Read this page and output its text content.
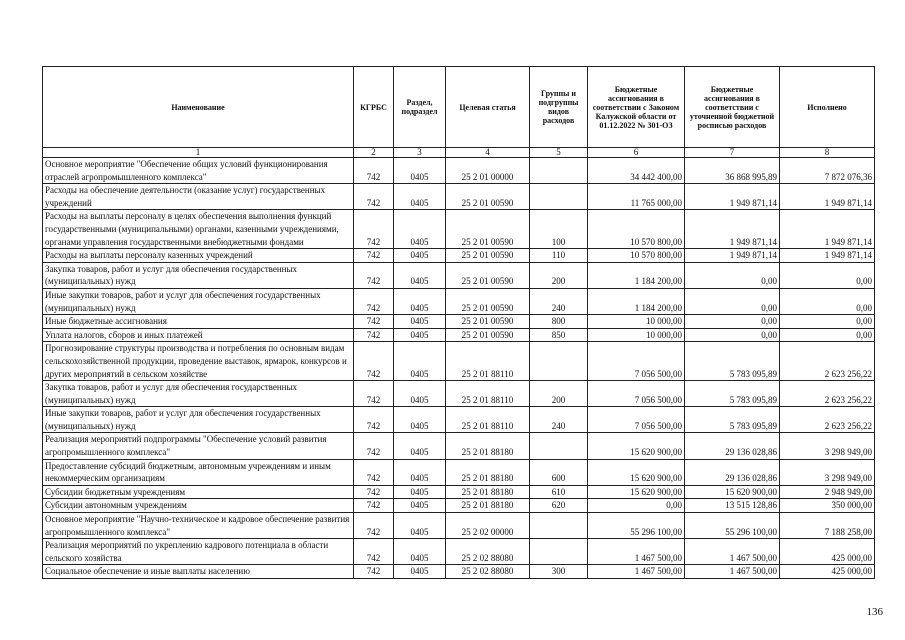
Наименование	КГРБС	Раздел, подраздел	Целевая статья	Группы и подгруппы видов расходов	Бюджетные ассигнования в соответствии с Законом Калужской области от 01.12.2022 № 301-ОЗ	Бюджетные ассигнования в соответствии с уточненной бюджетной росписью расходов	Исполнено
1	2	3	4	5	6	7	8
Основное мероприятие "Обеспечение общих условий функционирования отраслей агропромышленного комплекса"	742	0405	25 2 01 00000		34 442 400,00	36 868 995,89	7 872 076,36
Расходы на обеспечение деятельности (оказание услуг) государственных учреждений	742	0405	25 2 01 00590		11 765 000,00	1 949 871,14	1 949 871,14
Расходы на выплаты персоналу в целях обеспечения выполнения функций государственными (муниципальными) органами, казенными учреждениями, органами управления государственными внебюджетными фондами	742	0405	25 2 01 00590	100	10 570 800,00	1 949 871,14	1 949 871,14
Расходы на выплаты персоналу казенных учреждений	742	0405	25 2 01 00590	110	10 570 800,00	1 949 871,14	1 949 871,14
Закупка товаров, работ и услуг для обеспечения государственных (муниципальных) нужд	742	0405	25 2 01 00590	200	1 184 200,00	0,00	0,00
Иные закупки товаров, работ и услуг для обеспечения государственных (муниципальных) нужд	742	0405	25 2 01 00590	240	1 184 200,00	0,00	0,00
Иные бюджетные ассигнования	742	0405	25 2 01 00590	800	10 000,00	0,00	0,00
Уплата налогов, сборов и иных платежей	742	0405	25 2 01 00590	850	10 000,00	0,00	0,00
Прогнозирование структуры производства и потребления по основным видам сельскохозяйственной продукции, проведение выставок, ярмарок, конкурсов и других мероприятий в сельском хозяйстве	742	0405	25 2 01 88110		7 056 500,00	5 783 095,89	2 623 256,22
Закупка товаров, работ и услуг для обеспечения государственных (муниципальных) нужд	742	0405	25 2 01 88110	200	7 056 500,00	5 783 095,89	2 623 256,22
Иные закупки товаров, работ и услуг для обеспечения государственных (муниципальных) нужд	742	0405	25 2 01 88110	240	7 056 500,00	5 783 095,89	2 623 256,22
Реализация мероприятий подпрограммы "Обеспечение условий развития агропромышленного комплекса"	742	0405	25 2 01 88180		15 620 900,00	29 136 028,86	3 298 949,00
Предоставление субсидий бюджетным, автономным учреждениям и иным некоммерческим организациям	742	0405	25 2 01 88180	600	15 620 900,00	29 136 028,86	3 298 949,00
Субсидии бюджетным учреждениям	742	0405	25 2 01 88180	610	15 620 900,00	15 620 900,00	2 948 949,00
Субсидии автономным учреждениям	742	0405	25 2 01 88180	620	0,00	13 515 128,86	350 000,00
Основное мероприятие "Научно-техническое и кадровое обеспечение развития агропромышленного комплекса"	742	0405	25 2 02 00000		55 296 100,00	55 296 100,00	7 188 258,00
Реализация мероприятий по укреплению кадрового потенциала в области сельского хозяйства	742	0405	25 2 02 88080		1 467 500,00	1 467 500,00	425 000,00
Социальное обеспечение и иные выплаты населению	742	0405	25 2 02 88080	300	1 467 500,00	1 467 500,00	425 000,00
136
